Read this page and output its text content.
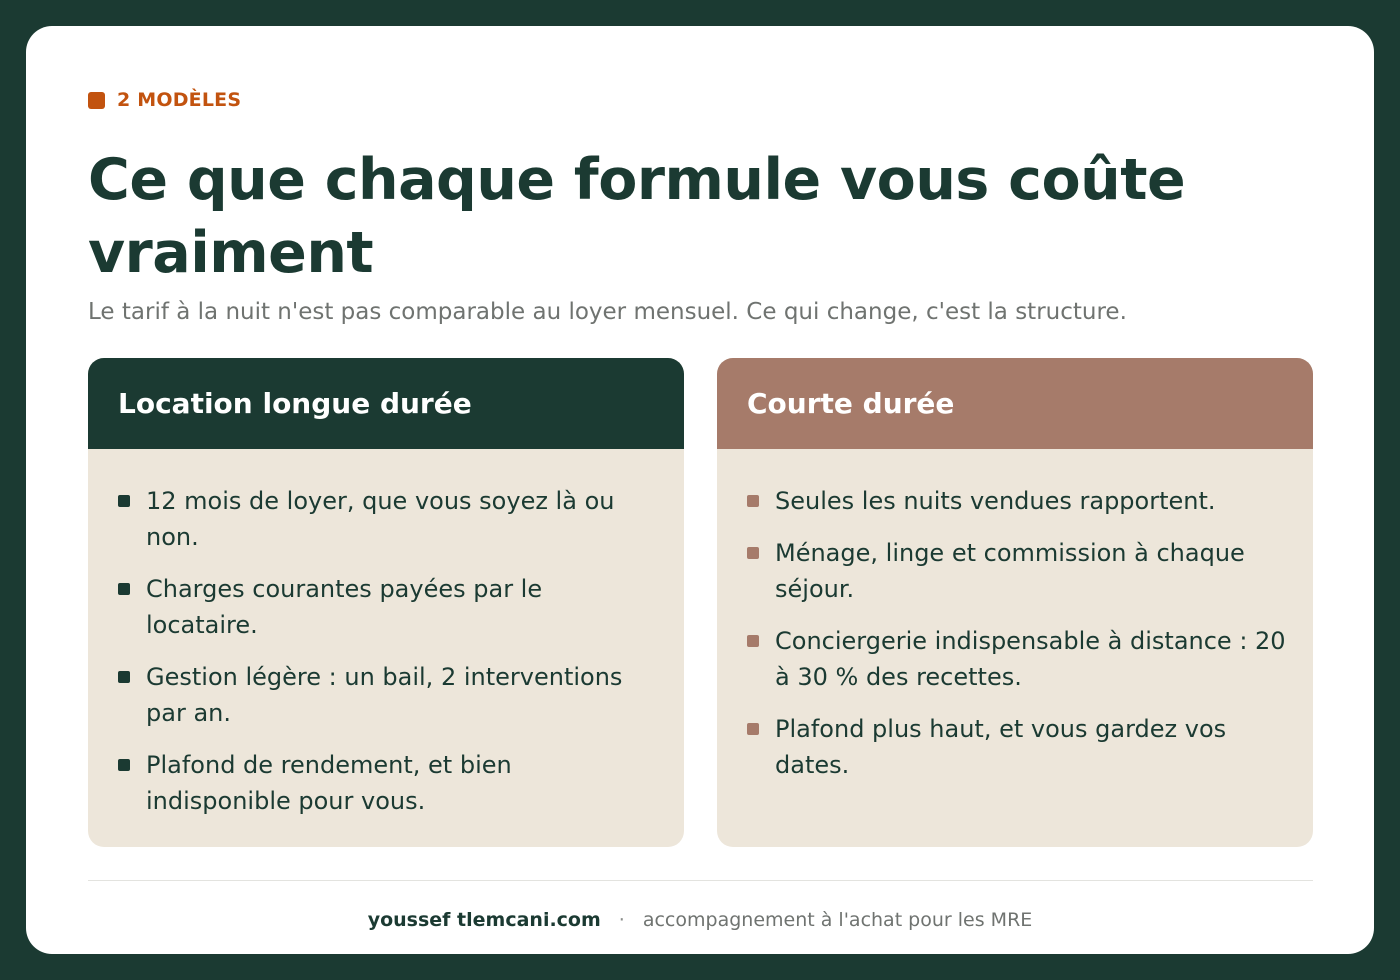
2 MODÈLES
Ce que chaque formule vous coûte vraiment

Le tarif à la nuit n'est pas comparable au loyer mensuel. Ce qui change, c'est la structure.

Location longue durée
12 mois de loyer, que vous soyez là ou non.
Charges courantes payées par le locataire.
Gestion légère : un bail, 2 interventions par an.
Plafond de rendement, et bien indisponible pour vous.
Courte durée
Seules les nuits vendues rapportent.
Ménage, linge et commission à chaque séjour.
Conciergerie indispensable à distance : 20 à 30 % des recettes.
Plafond plus haut, et vous gardez vos dates.
youssef tlemcani.com · accompagnement à l'achat pour les MRE
